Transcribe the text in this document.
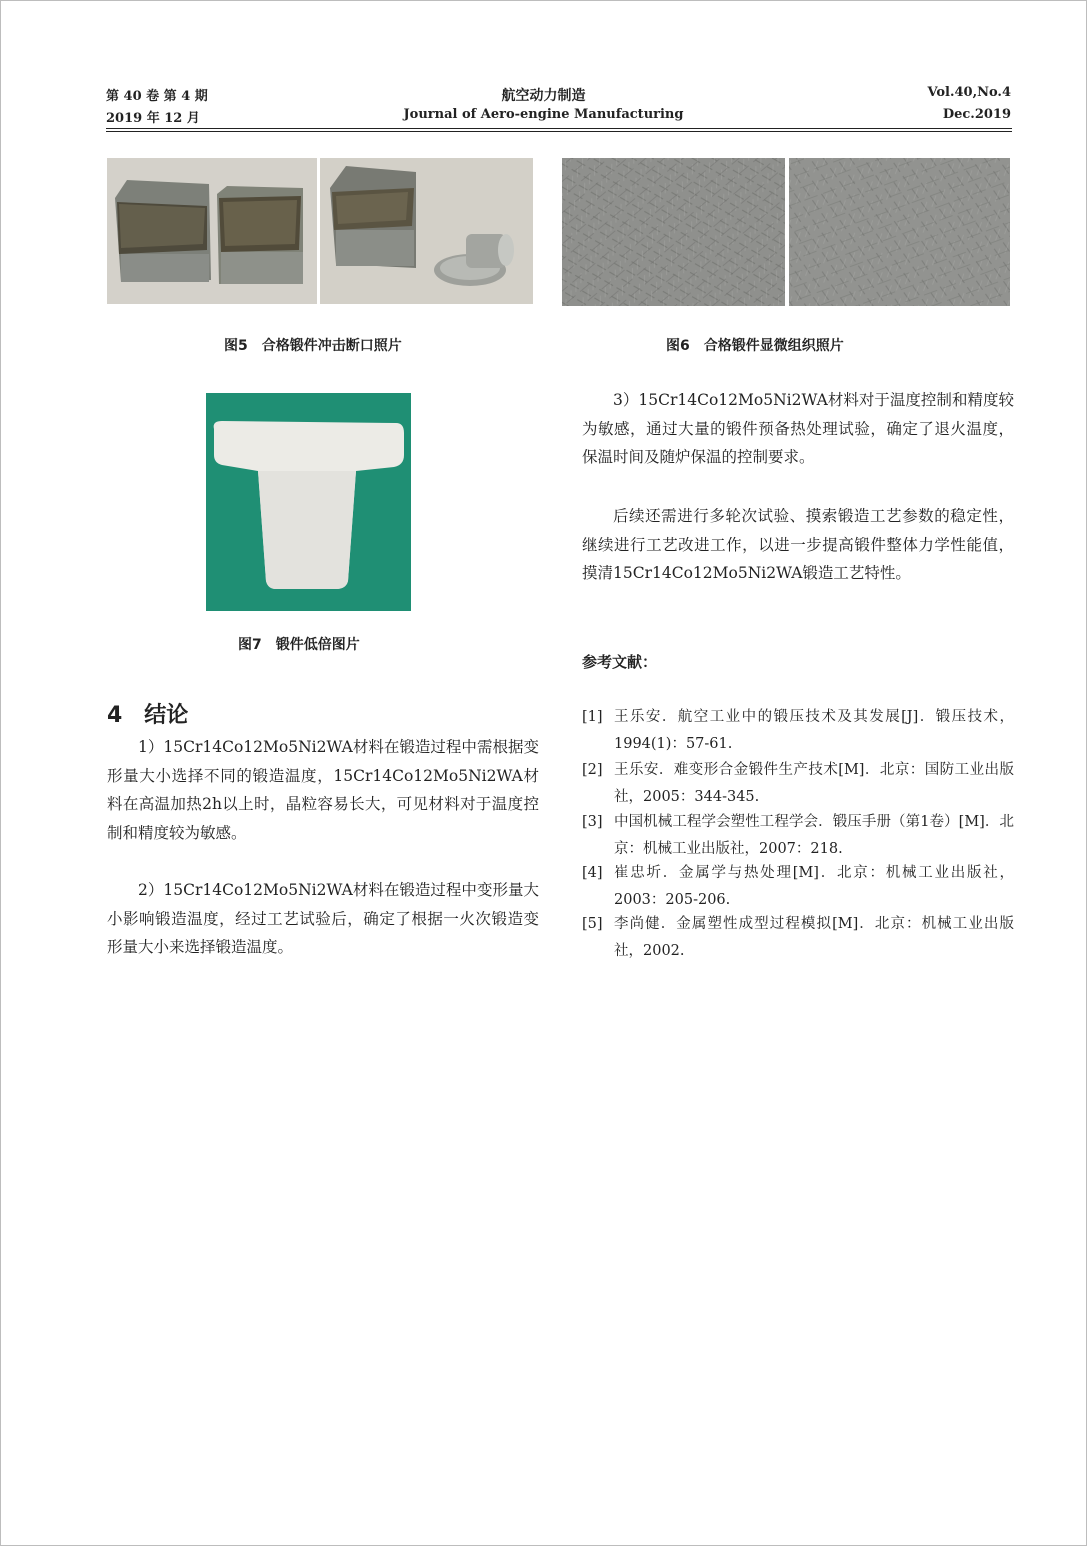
第 40 卷 第 4 期
2019 年 12 月
航空动力制造
Journal of Aero-engine Manufacturing
Vol.40,No.4
Dec.2019
图5　合格锻件冲击断口照片	图6　合格锻件显微组织照片
图7　锻件低倍图片
4　结论
1）15Cr14Co12Mo5Ni2WA材料在锻造过程中需根据变形量大小选择不同的锻造温度，15Cr14Co12Mo5Ni2WA材料在高温加热2h以上时，晶粒容易长大，可见材料对于温度控制和精度较为敏感。
2）15Cr14Co12Mo5Ni2WA材料在锻造过程中变形量大小影响锻造温度，经过工艺试验后，确定了根据一火次锻造变形量大小来选择锻造温度。
3）15Cr14Co12Mo5Ni2WA材料对于温度控制和精度较为敏感，通过大量的锻件预备热处理试验，确定了退火温度，保温时间及随炉保温的控制要求。
后续还需进行多轮次试验、摸索锻造工艺参数的稳定性，继续进行工艺改进工作，以进一步提高锻件整体力学性能值，摸清15Cr14Co12Mo5Ni2WA锻造工艺特性。
参考文献：
[1] 王乐安．航空工业中的锻压技术及其发展[J]．锻压技术，1994(1)：57-61.
[2] 王乐安．难变形合金锻件生产技术[M]．北京：国防工业出版社，2005：344-345.
[3] 中国机械工程学会塑性工程学会．锻压手册（第1卷）[M]．北京：机械工业出版社，2007：218.
[4] 崔忠圻．金属学与热处理[M]．北京：机械工业出版社，2003：205-206.
[5] 李尚健．金属塑性成型过程模拟[M]．北京：机械工业出版社，2002.
